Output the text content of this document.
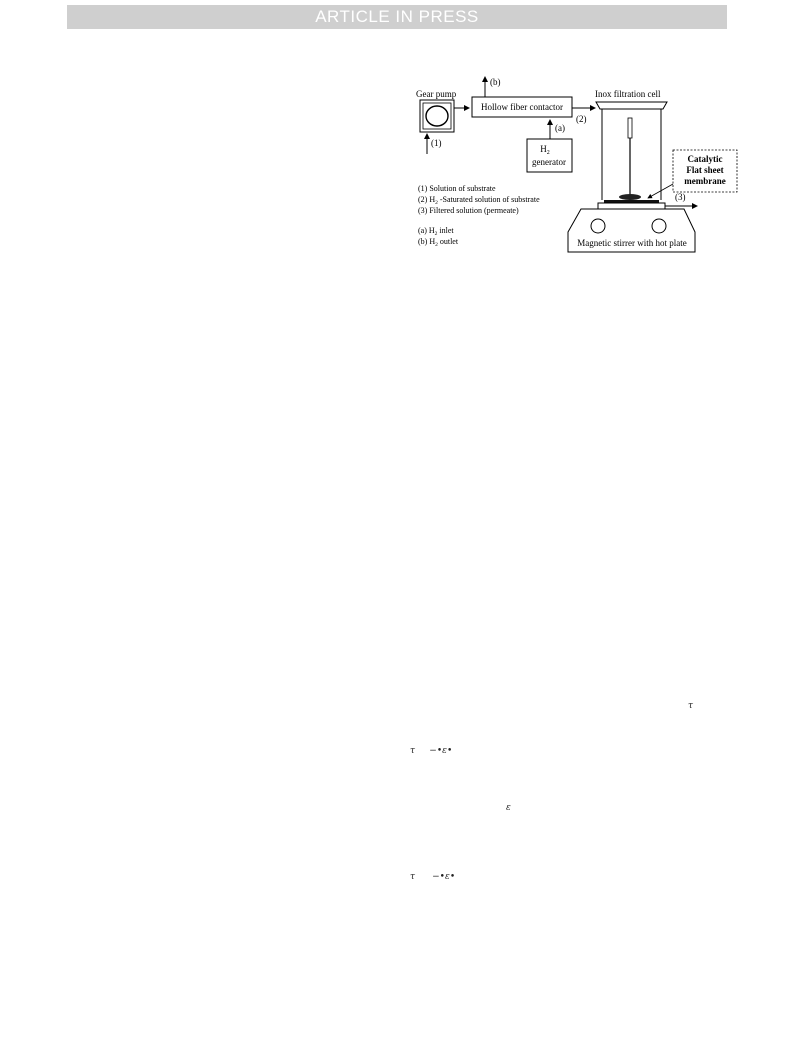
ARTICLE IN PRESS
Gear pump
(1)
Hollow fiber contactor
(b)
(a)
$H_2$
generator
(2)
Inox filtration cell
Catalytic
Flat sheet
membrane
(3)
Magnetic stirrer with hot plate
(1) Solution of substrate
(2) $H_2$ -Saturated solution of substrate
(3) Filtered solution (permeate)
(a) $H_2$ inlet
(b) $H_2$ outlet
τ
τ     −•ε•
ε
τ      −•ε•
